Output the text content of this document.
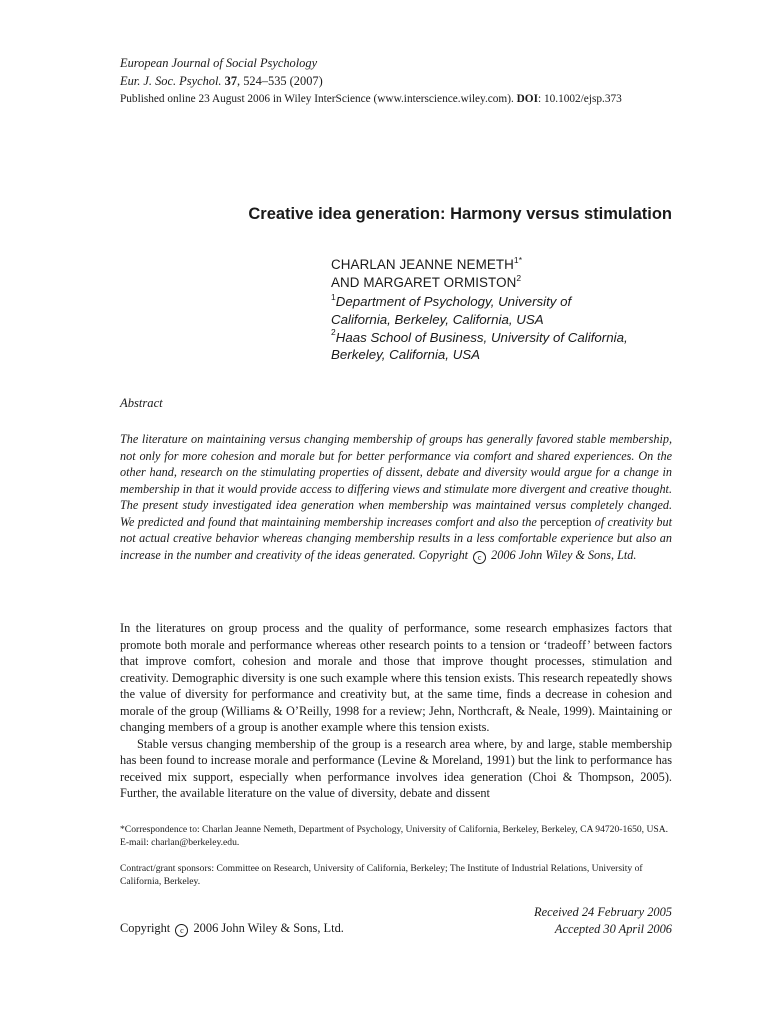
European Journal of Social Psychology
Eur. J. Soc. Psychol. 37, 524–535 (2007)
Published online 23 August 2006 in Wiley InterScience (www.interscience.wiley.com). DOI: 10.1002/ejsp.373
Creative idea generation: Harmony versus stimulation
CHARLAN JEANNE $NEMETH^{1*}$
AND MARGARET ORMISTON$^2$
$^1$Department of Psychology, University of
California, Berkeley, California, USA
$^2$Haas School of Business, University of California,
Berkeley, California, USA
Abstract
The literature on maintaining versus changing membership of groups has generally favored stable membership, not only for more cohesion and morale but for better performance via comfort and shared experiences. On the other hand, research on the stimulating properties of dissent, debate and diversity would argue for a change in membership in that it would provide access to differing views and stimulate more divergent and creative thought. The present study investigated idea generation when membership was maintained versus completely changed. We predicted and found that maintaining membership increases comfort and also the perception of creativity but not actual creative behavior whereas changing membership results in a less comfortable experience but also an increase in the number and creativity of the ideas generated. Copyright c 2006 John Wiley & Sons, Ltd.

In the literatures on group process and the quality of performance, some research emphasizes factors that promote both morale and performance whereas other research points to a tension or ‘tradeoff’ between factors that improve comfort, cohesion and morale and those that improve thought processes, stimulation and creativity. Demographic diversity is one such example where this tension exists. This research repeatedly shows the value of diversity for performance and creativity but, at the same time, finds a decrease in cohesion and morale of the group (Williams & O’Reilly, 1998 for a review; Jehn, Northcraft, & Neale, 1999). Maintaining or changing members of a group is another example where this tension exists.

Stable versus changing membership of the group is a research area where, by and large, stable membership has been found to increase morale and performance (Levine & Moreland, 1991) but the link to performance has received mix support, especially when performance involves idea generation (Choi & Thompson, 2005). Further, the available literature on the value of diversity, debate and dissent

*Correspondence to: Charlan Jeanne Nemeth, Department of Psychology, University of California, Berkeley, Berkeley, CA 94720-1650, USA. E-mail: charlan@berkeley.edu.
Contract/grant sponsors: Committee on Research, University of California, Berkeley; The Institute of Industrial Relations, University of California, Berkeley.
Received 24 February 2005
Accepted 30 April 2006
Copyright c 2006 John Wiley & Sons, Ltd.
